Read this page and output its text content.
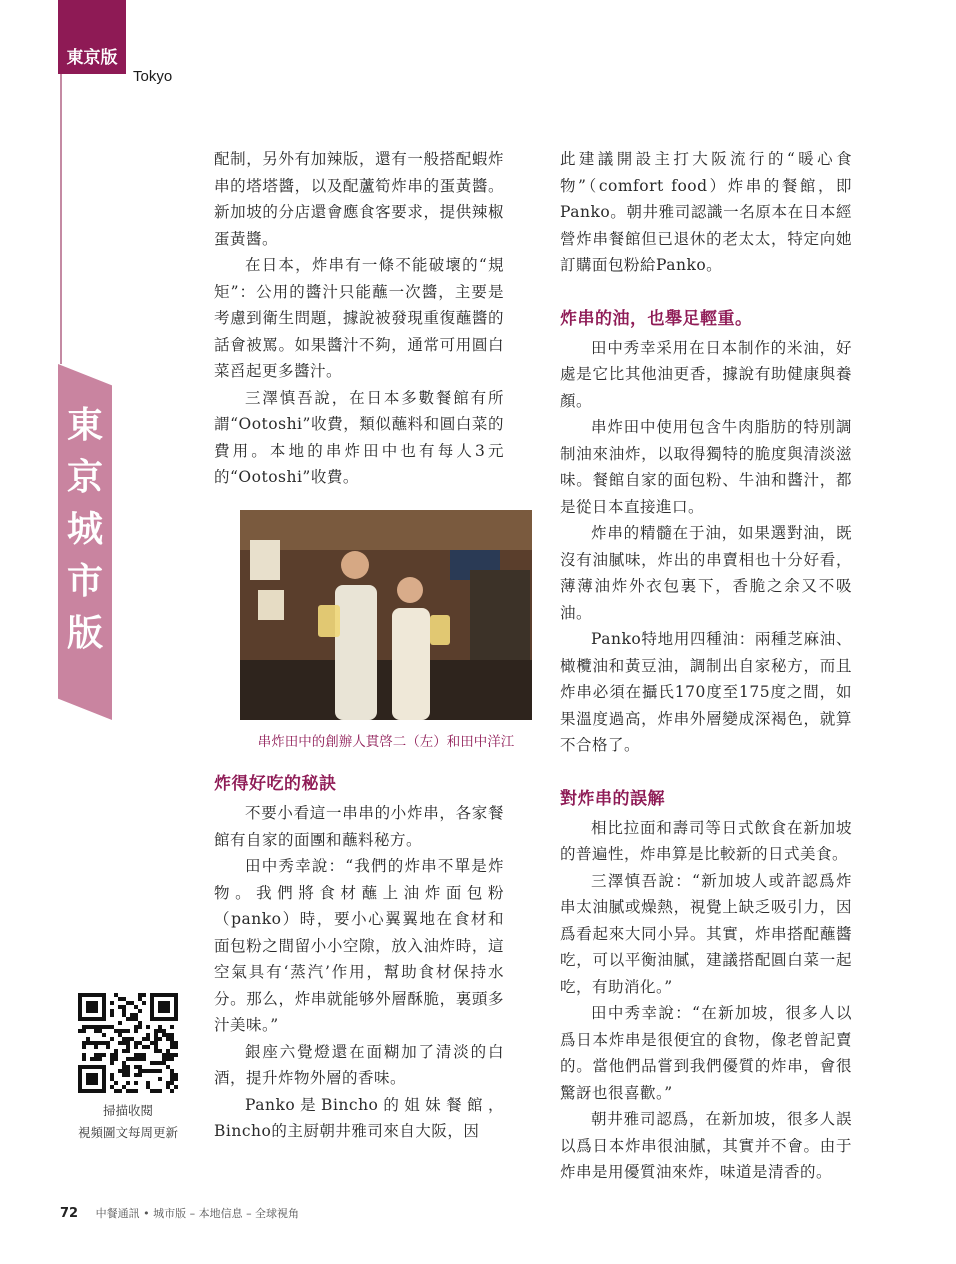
東京版
Tokyo
東
京
城
市
版

配制，另外有加辣版，還有一般搭配蝦炸串的塔塔醬，以及配蘆筍炸串的蛋黃醬。新加坡的分店還會應食客要求，提供辣椒蛋黃醬。

在日本，炸串有一條不能破壞的“規矩”：公用的醬汁只能蘸一次醬，主要是考慮到衛生問題，據說被發現重復蘸醬的話會被罵。如果醬汁不夠，通常可用圓白菜舀起更多醬汁。

三澤慎吾說，在日本多數餐館有所謂“Ootoshi”收費，類似蘸料和圓白菜的費用。本地的串炸田中也有每人3元的“Ootoshi”收費。

串炸田中的創辦人貫啓二（左）和田中洋江
炸得好吃的秘訣

不要小看這一串串的小炸串，各家餐館有自家的面團和蘸料秘方。

田中秀幸說：“我們的炸串不單是炸物。我們將食材蘸上油炸面包粉（panko）時，要小心翼翼地在食材和面包粉之間留小小空隙，放入油炸時，這空氣具有‘蒸汽’作用，幫助食材保持水分。那么，炸串就能够外層酥脆，裏頭多汁美味。”

銀座六覺燈還在面糊加了清淡的白酒，提升炸物外層的香味。

Panko是Bincho的姐妹餐館，Bincho的主厨朝井雅司來自大阪，因

此建議開設主打大阪流行的“暖心食物”（comfort food）炸串的餐館，即Panko。朝井雅司認識一名原本在日本經營炸串餐館但已退休的老太太，特定向她訂購面包粉給Panko。

炸串的油，也舉足輕重。

田中秀幸采用在日本制作的米油，好處是它比其他油更香，據說有助健康與養顏。

串炸田中使用包含牛肉脂肪的特別調制油來油炸，以取得獨特的脆度與清淡滋味。餐館自家的面包粉、牛油和醬汁，都是從日本直接進口。

炸串的精髓在于油，如果選對油，既沒有油膩味，炸出的串賣相也十分好看，薄薄油炸外衣包裏下，香脆之余又不吸油。

Panko特地用四種油：兩種芝麻油、橄欖油和黃豆油，調制出自家秘方，而且炸串必須在攝氏170度至175度之間，如果溫度過高，炸串外層變成深褐色，就算不合格了。

對炸串的誤解

相比拉面和壽司等日式飲食在新加坡的普遍性，炸串算是比較新的日式美食。

三澤慎吾說：“新加坡人或許認爲炸串太油膩或燥熱，視覺上缺乏吸引力，因爲看起來大同小异。其實，炸串搭配蘸醬吃，可以平衡油膩，建議搭配圓白菜一起吃，有助消化。”

田中秀幸說：“在新加坡，很多人以爲日本炸串是很便宜的食物，像老曾記賣的。當他們品嘗到我們優質的炸串，會很驚訝也很喜歡。”

朝井雅司認爲，在新加坡，很多人誤以爲日本炸串很油膩，其實并不會。由于炸串是用優質油來炸，味道是清香的。

掃描收閱
視頻圖文每周更新
72 中餐通訊 • 城市版 – 本地信息 – 全球視角
